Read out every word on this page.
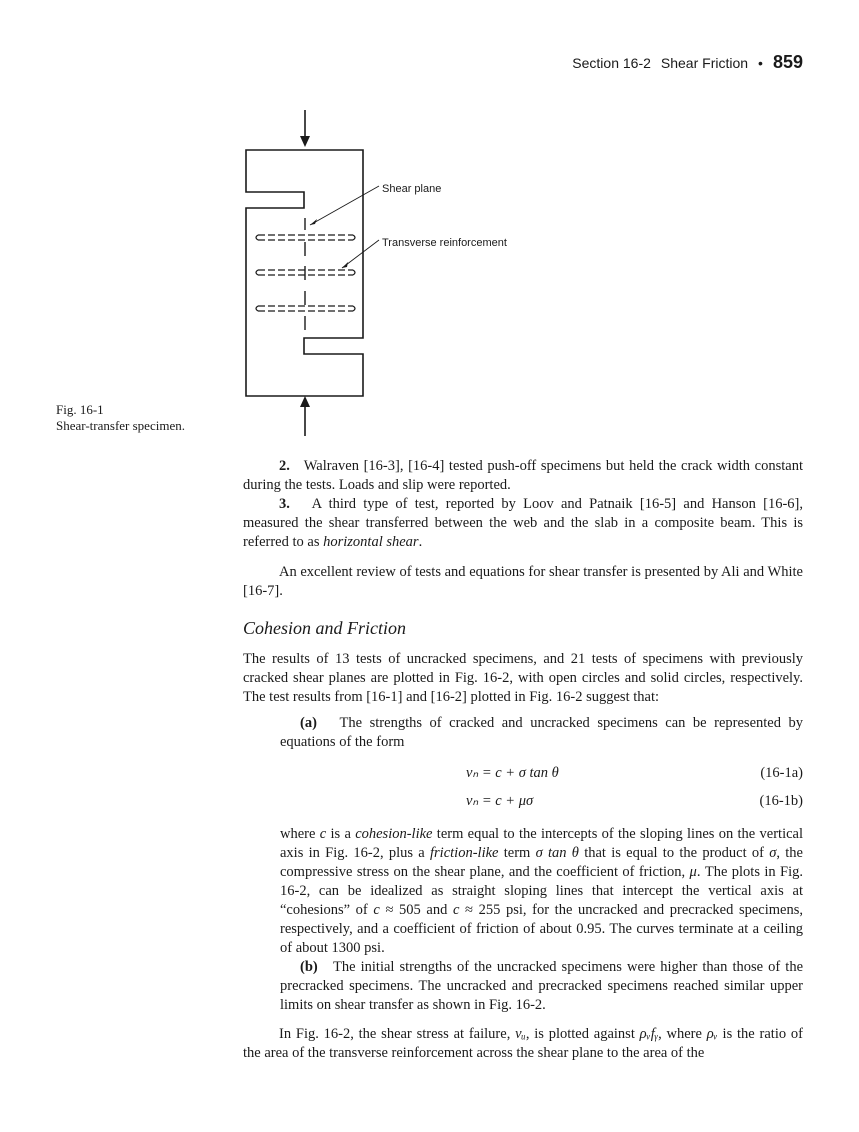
Section 16-2 Shear Friction • 859
Shear plane
Transverse reinforcement
Fig. 16-1
Shear-transfer specimen.

2. Walraven [16-3], [16-4] tested push-off specimens but held the crack width constant during the tests. Loads and slip were reported.

3. A third type of test, reported by Loov and Patnaik [16-5] and Hanson [16-6], measured the shear transferred between the web and the slab in a composite beam. This is referred to as horizontal shear.

An excellent review of tests and equations for shear transfer is presented by Ali and White [16-7].

Cohesion and Friction

The results of 13 tests of uncracked specimens, and 21 tests of specimens with previously cracked shear planes are plotted in Fig. 16-2, with open circles and solid circles, respectively. The test results from [16-1] and [16-2] plotted in Fig. 16-2 suggest that:

(a) The strengths of cracked and uncracked specimens can be represented by equations of the form

vₙ = c + σ tan θ	(16-1a)
vₙ = c + μσ	(16-1b)

where c is a cohesion-like term equal to the intercepts of the sloping lines on the vertical axis in Fig. 16-2, plus a friction-like term σ tan θ that is equal to the product of σ, the compressive stress on the shear plane, and the coefficient of friction, μ. The plots in Fig. 16-2, can be idealized as straight sloping lines that intercept the vertical axis at “cohesions” of c ≈ 505 and c ≈ 255 psi, for the uncracked and precracked specimens, respectively, and a coefficient of friction of about 0.95. The curves terminate at a ceiling of about 1300 psi.

(b) The initial strengths of the uncracked specimens were higher than those of the precracked specimens. The uncracked and precracked specimens reached similar upper limits on shear transfer as shown in Fig. 16-2.

In Fig. 16-2, the shear stress at failure, vᵤ, is plotted against ρᵥfᵧ, where ρᵥ is the ratio of the area of the transverse reinforcement across the shear plane to the area of the
